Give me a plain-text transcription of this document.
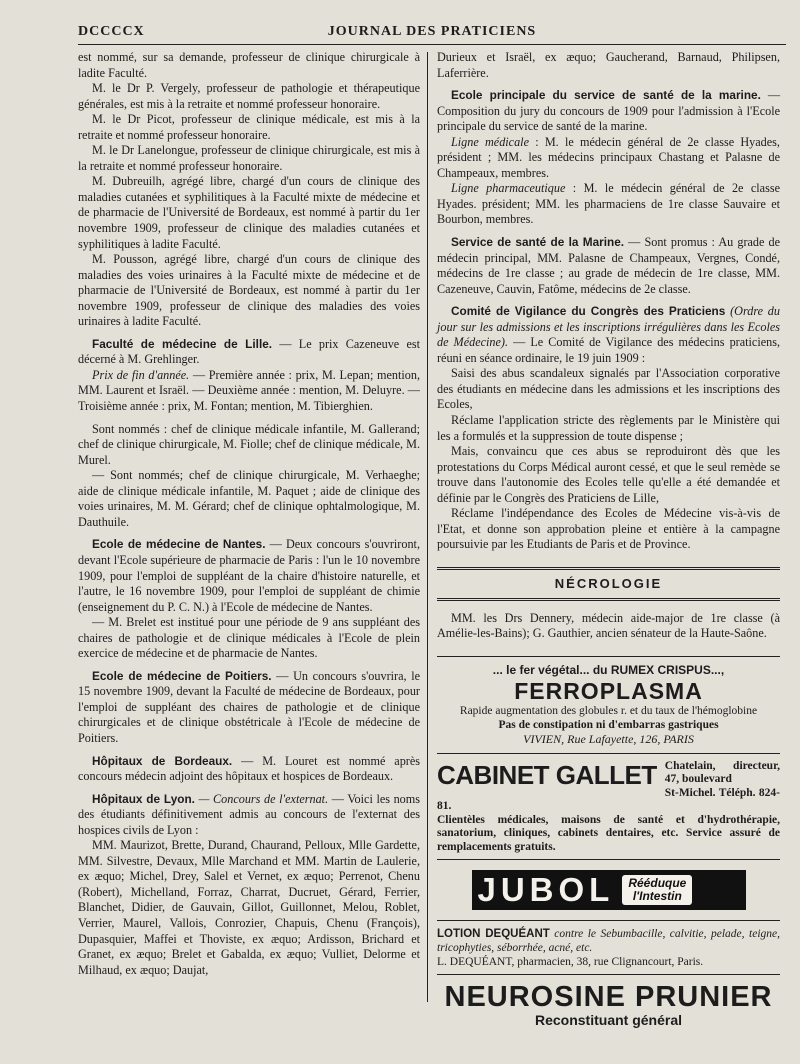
DCCCCX	JOURNAL DES PRATICIENS

est nommé, sur sa demande, professeur de clinique chirurgicale à ladite Faculté.

M. le Dr P. Vergely, professeur de pathologie et thérapeutique générales, est mis à la retraite et nommé professeur honoraire.

M. le Dr Picot, professeur de clinique médicale, est mis à la retraite et nommé professeur honoraire.

M. le Dr Lanelongue, professeur de clinique chirurgicale, est mis à la retraite et nommé professeur honoraire.

M. Dubreuilh, agrégé libre, chargé d'un cours de clinique des maladies cutanées et syphilitiques à la Faculté mixte de médecine et de pharmacie de l'Université de Bordeaux, est nommé à partir du 1er novembre 1909, professeur de clinique des maladies cutanées et syphilitiques à ladite Faculté.

M. Pousson, agrégé libre, chargé d'un cours de clinique des maladies des voies urinaires à la Faculté mixte de médecine et de pharmacie de l'Université de Bordeaux, est nommé à partir du 1er novembre 1909, professeur de clinique des maladies des voies urinaires à ladite Faculté.

Faculté de médecine de Lille. — Le prix Cazeneuve est décerné à M. Grehlinger.

Prix de fin d'année. — Première année : prix, M. Lepan; mention, MM. Laurent et Israël. — Deuxième année : mention, M. Deluyre. — Troisième année : prix, M. Fontan; mention, M. Tibierghien.

Sont nommés : chef de clinique médicale infantile, M. Gallerand; chef de clinique chirurgicale, M. Fiolle; chef de clinique médicale, M. Murel.

— Sont nommés; chef de clinique chirurgicale, M. Verhaeghe; aide de clinique médicale infantile, M. Paquet ; aide de clinique des voies urinaires, M. M. Gérard; chef de clinique ophtalmologique, M. Dauthuile.

Ecole de médecine de Nantes. — Deux concours s'ouvriront, devant l'Ecole supérieure de pharmacie de Paris : l'un le 10 novembre 1909, pour l'emploi de suppléant de la chaire d'histoire naturelle, et l'autre, le 16 novembre 1909, pour l'emploi de suppléant de chimie (enseignement du P. C. N.) à l'Ecole de médecine de Nantes.

— M. Brelet est institué pour une période de 9 ans suppléant des chaires de pathologie et de clinique médicales à l'Ecole de plein exercice de médecine et de pharmacie de Nantes.

Ecole de médecine de Poitiers. — Un concours s'ouvrira, le 15 novembre 1909, devant la Faculté de médecine de Bordeaux, pour l'emploi de suppléant des chaires de pathologie et de clinique chirurgicales et de clinique obstétricale à l'Ecole de médecine de Poitiers.

Hôpitaux de Bordeaux. — M. Louret est nommé après concours médecin adjoint des hôpitaux et hospices de Bordeaux.

Hôpitaux de Lyon. — Concours de l'externat. — Voici les noms des étudiants définitivement admis au concours de l'externat des hospices civils de Lyon :

MM. Maurizot, Brette, Durand, Chaurand, Pelloux, Mlle Gardette, MM. Silvestre, Devaux, Mlle Marchand et MM. Martin de Laulerie, ex æquo; Michel, Drey, Salel et Vernet, ex æquo; Perrenot, Chenu (Robert), Michelland, Forraz, Charrat, Ducruet, Gérard, Ferrier, Blanchet, Didier, de Gauvain, Gillot, Guillonnet, Melou, Roblet, Verrier, Maurel, Vallois, Conrozier, Chapuis, Chenu (François), Dupasquier, Maffei et Thoviste, ex æquo; Ardisson, Brichard et Granet, ex æquo; Brelet et Gabalda, ex æquo; Vulliet, Delorme et Milhaud, ex æquo; Daujat,

Durieux et Israël, ex æquo; Gaucherand, Barnaud, Philipsen, Laferrière.

Ecole principale du service de santé de la marine. — Composition du jury du concours de 1909 pour l'admission à l'Ecole principale du service de santé de la marine.

Ligne médicale : M. le médecin général de 2e classe Hyades, président ; MM. les médecins principaux Chastang et Palasne de Champeaux, membres.

Ligne pharmaceutique : M. le médecin général de 2e classe Hyades. président; MM. les pharmaciens de 1re classe Sauvaire et Bourbon, membres.

Service de santé de la Marine. — Sont promus : Au grade de médecin principal, MM. Palasne de Champeaux, Vergnes, Condé, médecins de 1re classe ; au grade de médecin de 1re classe, MM. Cazeneuve, Cauvin, Fatôme, médecins de 2e classe.

Comité de Vigilance du Congrès des Praticiens (Ordre du jour sur les admissions et les inscriptions irrégulières dans les Ecoles de Médecine). — Le Comité de Vigilance des médecins praticiens, réuni en séance ordinaire, le 19 juin 1909 :

Saisi des abus scandaleux signalés par l'Association corporative des étudiants en médecine dans les admissions et les inscriptions des Ecoles,

Réclame l'application stricte des règlements par le Ministère qui les a formulés et la suppression de toute dispense ;

Mais, convaincu que ces abus se reproduiront dès que les protestations du Corps Médical auront cessé, et que le seul remède se trouve dans l'autonomie des Ecoles telle qu'elle a été demandée et définie par le Congrès des Praticiens de Lille,

Réclame l'indépendance des Ecoles de Médecine vis-à-vis de l'Etat, et donne son approbation pleine et entière à la campagne poursuivie par les Etudiants de Paris et de Province.

NÉCROLOGIE

MM. les Drs Dennery, médecin aide-major de 1re classe (à Amélie-les-Bains); G. Gauthier, ancien sénateur de la Haute-Saône.

... le fer végétal... du RUMEX CRISPUS...,
FERROPLASMA
Rapide augmentation des globules r. et du taux de l'hémoglobine
Pas de constipation ni d'embarras gastriques
VIVIEN, Rue Lafayette, 126, PARIS
CABINET GALLET Chatelain, directeur, 47, boulevard
St-Michel. Téléph. 824-81.
Clientèles médicales, maisons de santé et d'hydrothérapie, sanatorium, cliniques, cabinets dentaires, etc. Service assuré de remplacements gratuits.
JUBOL	Rééduque
l'Intestin
LOTION DEQUÉANT contre le Sebumbacille, calvitie, pelade, teigne, tricophyties, séborrhée, acné, etc.
L. DEQUÉANT, pharmacien, 38, rue Clignancourt, Paris.
NEUROSINE PRUNIER
Reconstituant général
